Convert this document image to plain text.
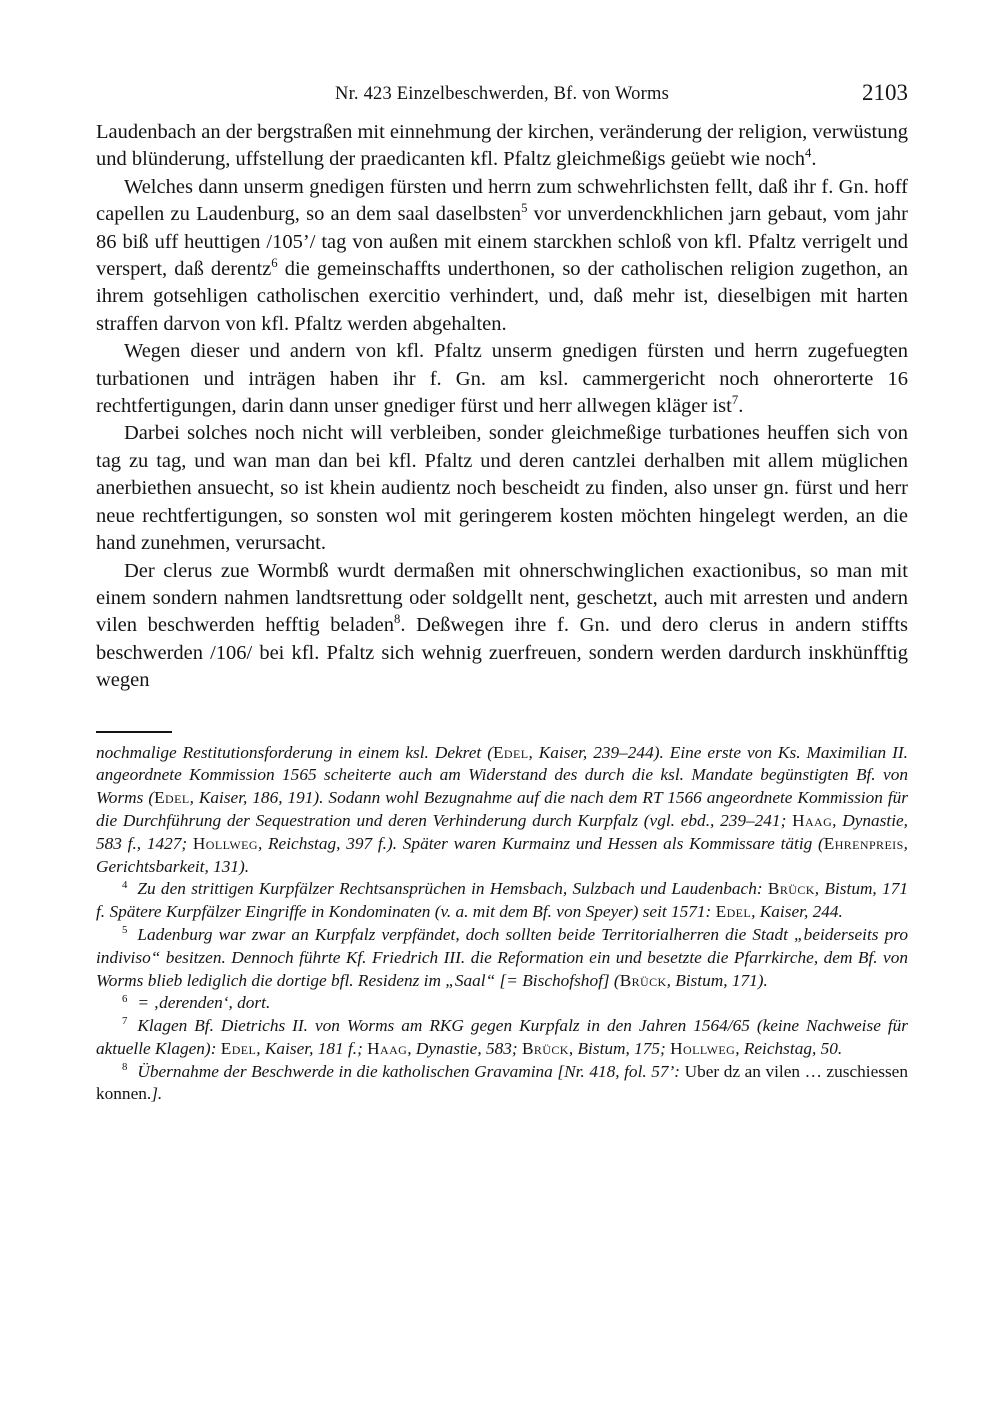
Nr. 423 Einzelbeschwerden, Bf. von Worms	2103

Laudenbach an der bergstraßen mit einnehmung der kirchen, veränderung der religion, verwüstung und blünderung, uffstellung der praedicanten kfl. Pfaltz gleichmeßigs geüebt wie noch$^4$.

Welches dann unserm gnedigen fürsten und herrn zum schwehrlichsten fellt, daß ihr f. Gn. hoff capellen zu Laudenburg, so an dem saal daselbsten$^5$ vor unverdenckhlichen jarn gebaut, vom jahr 86 biß uff heuttigen /105’/ tag von außen mit einem starckhen schloß von kfl. Pfaltz verrigelt und verspert, daß derentz$^6$ die gemeinschaffts underthonen, so der catholischen religion zugethon, an ihrem gotsehligen catholischen exercitio verhindert, und, daß mehr ist, dieselbigen mit harten straffen darvon von kfl. Pfaltz werden abgehalten.

Wegen dieser und andern von kfl. Pfaltz unserm gnedigen fürsten und herrn zugefuegten turbationen und inträgen haben ihr f. Gn. am ksl. cammergericht noch ohnerorterte 16 rechtfertigungen, darin dann unser gnediger fürst und herr allwegen kläger ist$^7$.

Darbei solches noch nicht will verbleiben, sonder gleichmeßige turbationes heuffen sich von tag zu tag, und wan man dan bei kfl. Pfaltz und deren cantzlei derhalben mit allem müglichen anerbiethen ansuecht, so ist khein audientz noch bescheidt zu finden, also unser gn. fürst und herr neue rechtfertigungen, so sonsten wol mit geringerem kosten möchten hingelegt werden, an die hand zunehmen, verursacht.

Der clerus zue Wormbß wurdt dermaßen mit ohnerschwinglichen exactionibus, so man mit einem sondern nahmen landtsrettung oder soldgellt nent, geschetzt, auch mit arresten und andern vilen beschwerden hefftig beladen$^8$. Deßwegen ihre f. Gn. und dero clerus in andern stiffts beschwerden /106/ bei kfl. Pfaltz sich wehnig zuerfreuen, sondern werden dardurch inskhünfftig wegen

nochmalige Restitutionsforderung in einem ksl. Dekret (Edel, Kaiser, 239–244). Eine erste von Ks. Maximilian II. angeordnete Kommission 1565 scheiterte auch am Widerstand des durch die ksl. Mandate begünstigten Bf. von Worms (Edel, Kaiser, 186, 191). Sodann wohl Bezugnahme auf die nach dem RT 1566 angeordnete Kommission für die Durchführung der Sequestration und deren Verhinderung durch Kurpfalz (vgl. ebd., 239–241; Haag, Dynastie, 583 f., 1427; Hollweg, Reichstag, 397 f.). Später waren Kurmainz und Hessen als Kommissare tätig (Ehrenpreis, Gerichtsbarkeit, 131).

$^4$ Zu den strittigen Kurpfälzer Rechtsansprüchen in Hemsbach, Sulzbach und Laudenbach: Brück, Bistum, 171 f. Spätere Kurpfälzer Eingriffe in Kondominaten (v. a. mit dem Bf. von Speyer) seit 1571: Edel, Kaiser, 244.

$^5$ Ladenburg war zwar an Kurpfalz verpfändet, doch sollten beide Territorialherren die Stadt „beiderseits pro indiviso“ besitzen. Dennoch führte Kf. Friedrich III. die Reformation ein und besetzte die Pfarrkirche, dem Bf. von Worms blieb lediglich die dortige bfl. Residenz im „Saal“ [= Bischofshof] (Brück, Bistum, 171).

$^6$ = ‚derenden‘, dort.

$^7$ Klagen Bf. Dietrichs II. von Worms am RKG gegen Kurpfalz in den Jahren 1564/65 (keine Nachweise für aktuelle Klagen): Edel, Kaiser, 181 f.; Haag, Dynastie, 583; Brück, Bistum, 175; Hollweg, Reichstag, 50.

$^8$ Übernahme der Beschwerde in die katholischen Gravamina [Nr. 418, fol. 57’: Uber dz an vilen … zuschiessen konnen.].
